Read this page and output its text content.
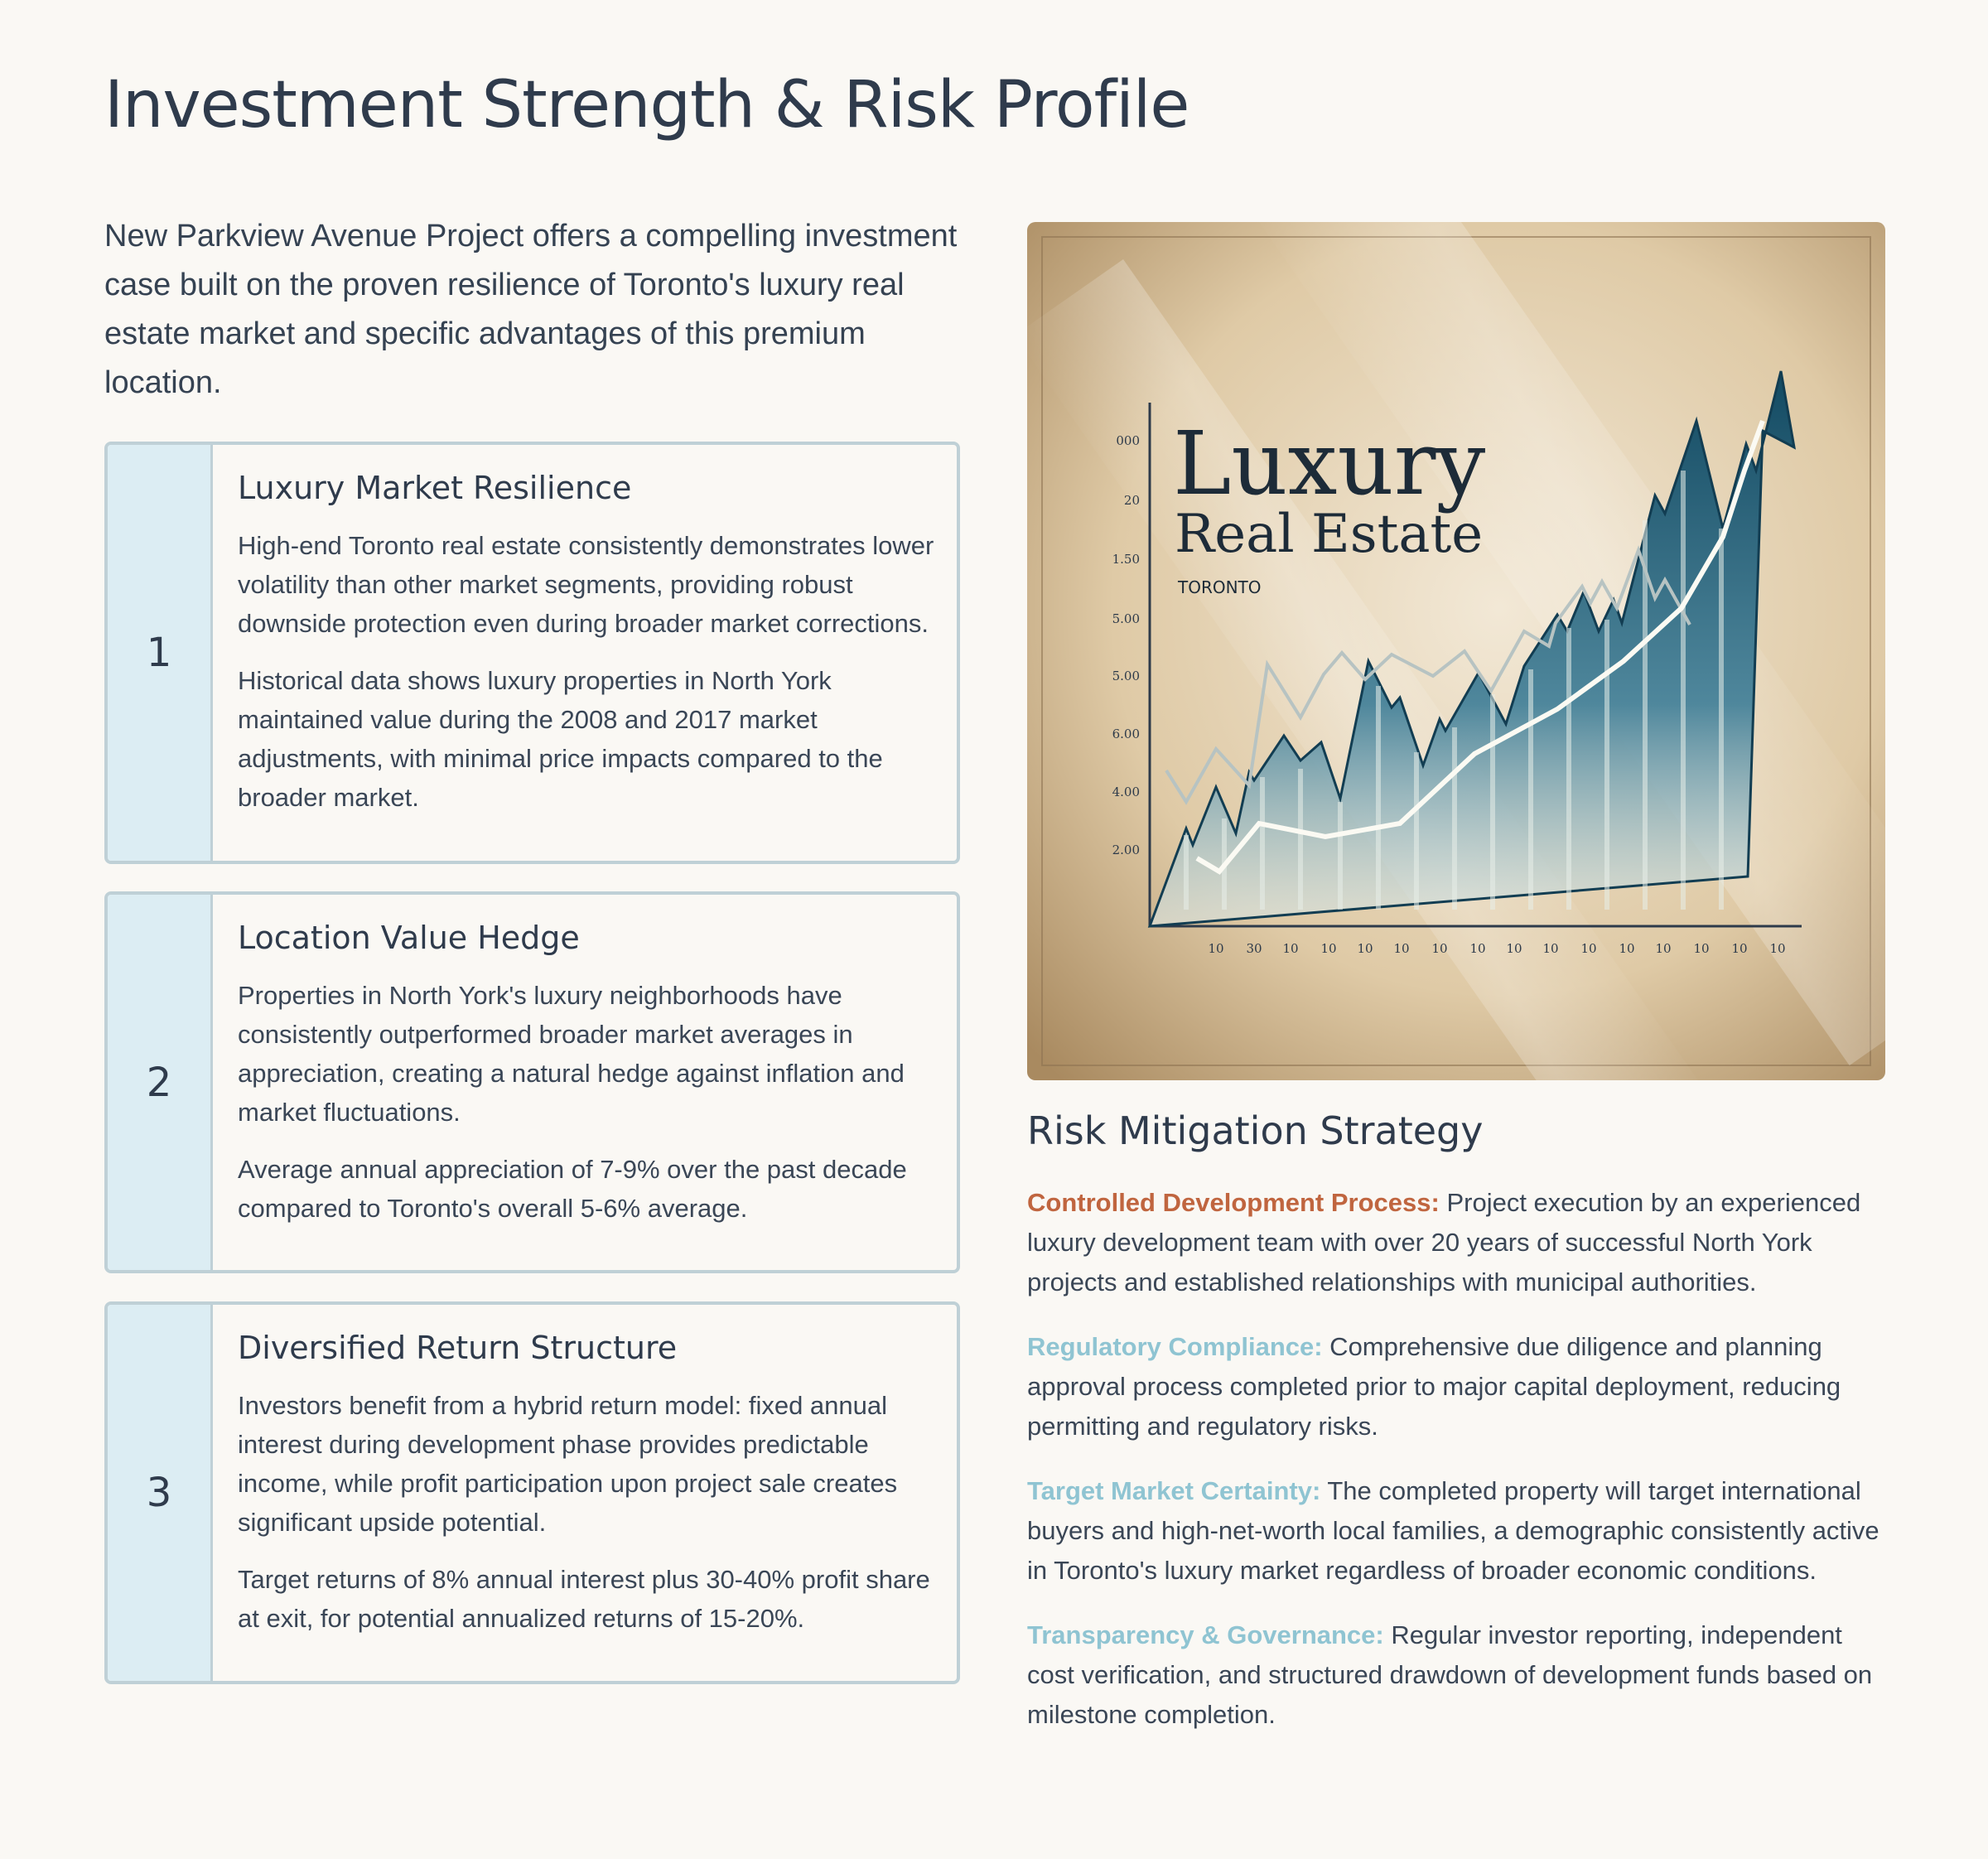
Investment Strength & Risk Profile

New Parkview Avenue Project offers a compelling investment case built on the proven resilience of Toronto's luxury real estate market and specific advantages of this premium location.

1
Luxury Market Resilience

High-end Toronto real estate consistently demonstrates lower volatility than other market segments, providing robust downside protection even during broader market corrections.

Historical data shows luxury properties in North York maintained value during the 2008 and 2017 market adjustments, with minimal price impacts compared to the broader market.

2
Location Value Hedge

Properties in North York's luxury neighborhoods have consistently outperformed broader market averages in appreciation, creating a natural hedge against inflation and market fluctuations.

Average annual appreciation of 7-9% over the past decade compared to Toronto's overall 5-6% average.

3
Diversified Return Structure

Investors benefit from a hybrid return model: fixed annual interest during development phase provides predictable income, while profit participation upon project sale creates significant upside potential.

Target returns of 8% annual interest plus 30-40% profit share at exit, for potential annualized returns of 15-20%.

000
20
1.50
5.00
5.00
6.00
4.00
2.00
10 30 10 10 10 10 10 10 10 10 10 10 10 10 10 10
Luxury
Real Estate
TORONTO
Risk Mitigation Strategy

Controlled Development Process: Project execution by an experienced luxury development team with over 20 years of successful North York projects and established relationships with municipal authorities.

Regulatory Compliance: Comprehensive due diligence and planning approval process completed prior to major capital deployment, reducing permitting and regulatory risks.

Target Market Certainty: The completed property will target international buyers and high-net-worth local families, a demographic consistently active in Toronto's luxury market regardless of broader economic conditions.

Transparency & Governance: Regular investor reporting, independent cost verification, and structured drawdown of development funds based on milestone completion.
